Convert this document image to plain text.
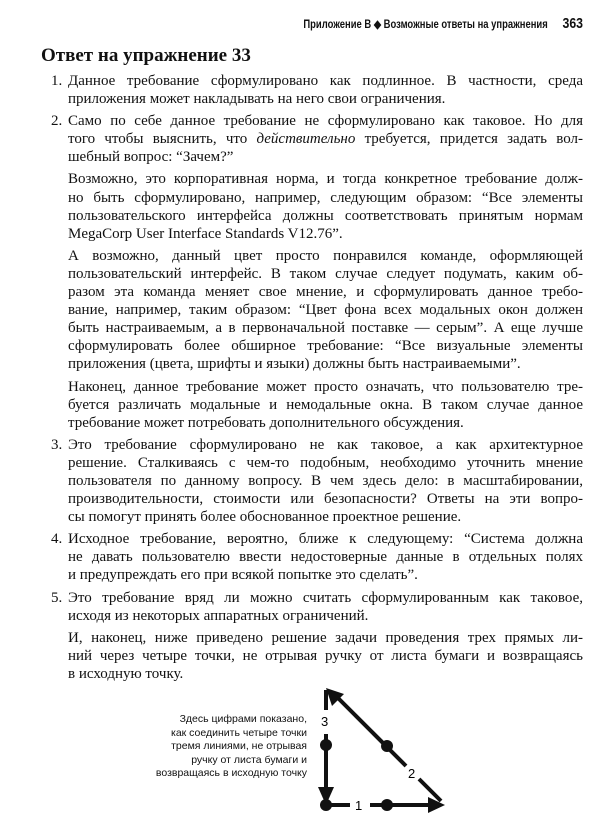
Приложение В ◆ Возможные ответы на упражнения 363
Ответ на упражнение 33
1. Данное требование сформулировано как подлинное. В частности, среда
приложения может накладывать на него свои ограничения.
2. Само по себе данное требование не сформулировано как таковое. Но для
того чтобы выяснить, что действительно требуется, придется задать вол-
шебный вопрос: “Зачем?”
Возможно, это корпоративная норма, и тогда конкретное требование долж-
но быть сформулировано, например, следующим образом: “Все элементы
пользовательского интерфейса должны соответствовать принятым нормам
MegaCorp User Interface Standards V12.76”.
А возможно, данный цвет просто понравился команде, оформляющей
пользовательский интерфейс. В таком случае следует подумать, каким об-
разом эта команда меняет свое мнение, и сформулировать данное требо-
вание, например, таким образом: “Цвет фона всех модальных окон должен
быть настраиваемым, а в первоначальной поставке — серым”. А еще лучше
сформулировать более обширное требование: “Все визуальные элементы
приложения (цвета, шрифты и языки) должны быть настраиваемыми”.
Наконец, данное требование может просто означать, что пользователю тре-
буется различать модальные и немодальные окна. В таком случае данное
требование может потребовать дополнительного обсуждения.
3. Это требование сформулировано не как таковое, а как архитектурное
решение. Сталкиваясь с чем-то подобным, необходимо уточнить мнение
пользователя по данному вопросу. В чем здесь дело: в масштабировании,
производительности, стоимости или безопасности? Ответы на эти вопро-
сы помогут принять более обоснованное проектное решение.
4. Исходное требование, вероятно, ближе к следующему: “Система должна
не давать пользователю ввести недостоверные данные в отдельных полях
и предупреждать его при всякой попытке это сделать”.
5. Это требование вряд ли можно считать сформулированным как таковое,
исходя из некоторых аппаратных ограничений.
И, наконец, ниже приведено решение задачи проведения трех прямых ли-
ний через четыре точки, не отрывая ручку от листа бумаги и возвращаясь
в исходную точку.
Здесь цифрами показано,
как соединить четыре точки
тремя линиями, не отрывая
ручку от листа бумаги и
возвращаясь в исходную точку
1
2
3
